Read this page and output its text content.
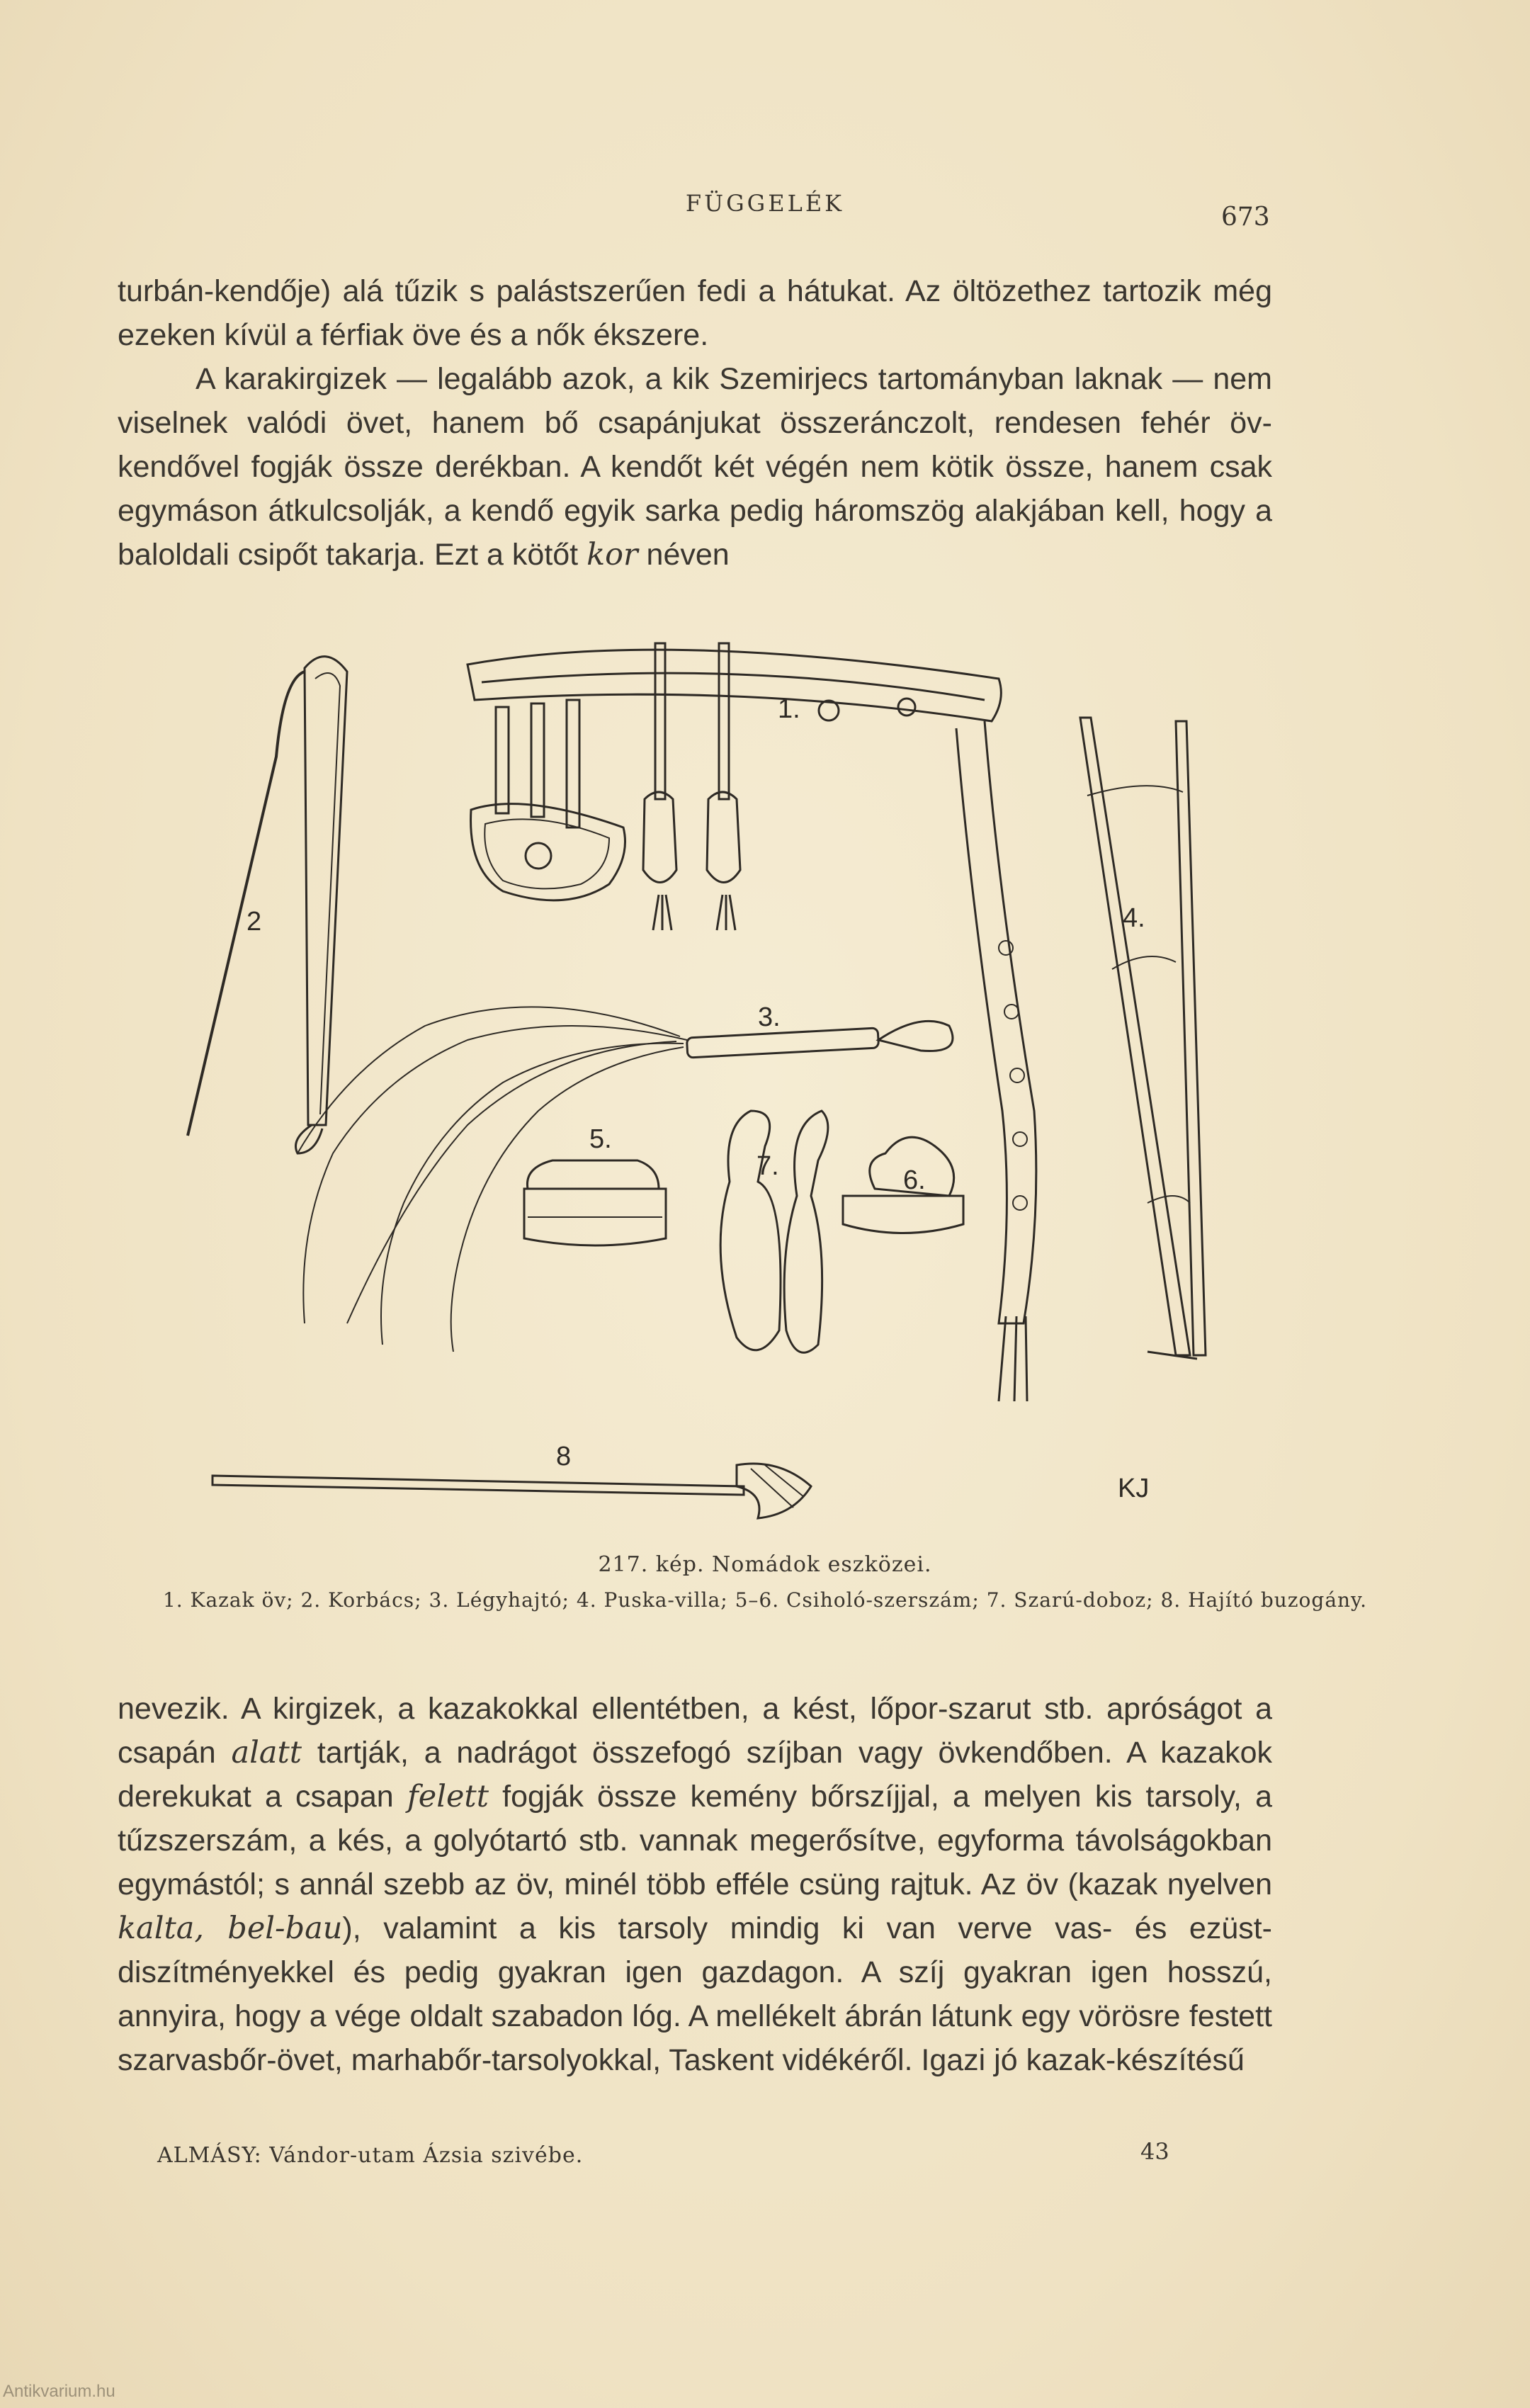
FÜGGELÉK	673

turbán-kendője) alá tűzik s palástszerűen fedi a hátukat. Az öltözethez tartozik még ezeken kívül a férfiak öve és a nők ékszere.

A karakirgizek — legalább azok, a kik Szemirjecs tartományban laknak — nem viselnek valódi övet, hanem bő csapánjukat összeránczolt, rendesen fehér öv-kendővel fogják össze derékban. A kendőt két végén nem kötik össze, hanem csak egymáson átkulcsolják, a kendő egyik sarka pedig háromszög alakjában kell, hogy a baloldali csipőt takarja. Ezt a kötőt kor néven

1.
2
3.
4.
5.
7.	6.
8
KJ
217. kép. Nomádok eszközei.
1. Kazak öv; 2. Korbács; 3. Légyhajtó; 4. Puska-villa; 5–6. Csiholó-szerszám; 7. Szarú-doboz; 8. Hajító buzogány.

nevezik. A kirgizek, a kazakokkal ellentétben, a kést, lőpor-szarut stb. apróságot a csapán alatt tartják, a nadrágot összefogó szíjban vagy övkendőben. A kazakok derekukat a csapan felett fogják össze kemény bőrszíjjal, a melyen kis tarsoly, a tűzszerszám, a kés, a golyótartó stb. vannak megerősítve, egyforma távolságokban egymástól; s annál szebb az öv, minél több efféle csüng rajtuk. Az öv (kazak nyelven kalta, bel-bau), valamint a kis tarsoly mindig ki van verve vas- és ezüst-diszítményekkel és pedig gyakran igen gazdagon. A szíj gyakran igen hosszú, annyira, hogy a vége oldalt szabadon lóg. A mellékelt ábrán látunk egy vörösre festett szarvasbőr-övet, marhabőr-tarsolyokkal, Taskent vidékéről. Igazi jó kazak-készítésű

ALMÁSY: Vándor-utam Ázsia szivébe.	43
Antikvarium.hu
